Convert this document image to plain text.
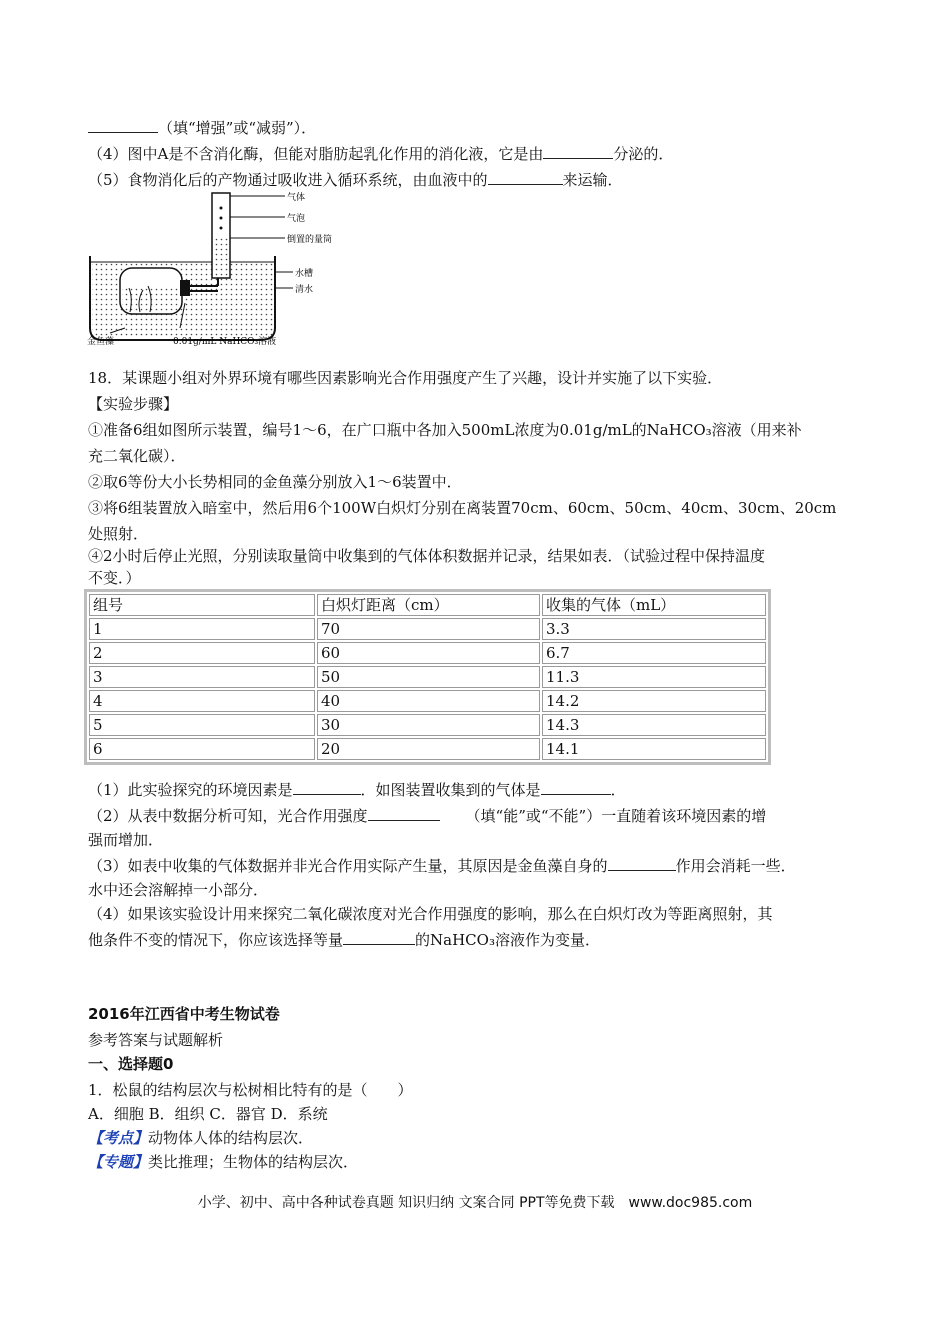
（填“增强”或“减弱”）．
（4）图中A是不含消化酶，但能对脂肪起乳化作用的消化液，它是由	分泌的．
（5）食物消化后的产物通过吸收进入循环系统，由血液中的	来运输．
气体
气泡
倒置的量筒
水槽
清水
金鱼藻	0.01g/mL NaHCO₃溶液
18．某课题小组对外界环境有哪些因素影响光合作用强度产生了兴趣，设计并实施了以下实验．
【实验步骤】
①准备6组如图所示装置，编号1～6，在广口瓶中各加入500mL浓度为0.01g/mL的NaHCO₃溶液（用来补
充二氧化碳）．
②取6等份大小长势相同的金鱼藻分别放入1～6装置中．
③将6组装置放入暗室中，然后用6个100W白炽灯分别在离装置70cm、60cm、50cm、40cm、30cm、20cm
处照射．
④2小时后停止光照，分别读取量筒中收集到的气体体积数据并记录，结果如表．（试验过程中保持温度
不变．）
组号	白炽灯距离（cm）	收集的气体（mL）
1	70	3.3
2	60	6.7
3	50	11.3
4	40	14.2
5	30	14.3
6	20	14.1
（1）此实验探究的环境因素是	．如图装置收集到的气体是	．
（2）从表中数据分析可知，光合作用强度	（填“能”或“不能”）一直随着该环境因素的增
强而增加．
（3）如表中收集的气体数据并非光合作用实际产生量，其原因是金鱼藻自身的	作用会消耗一些．
水中还会溶解掉一小部分．
（4）如果该实验设计用来探究二氧化碳浓度对光合作用强度的影响，那么在白炽灯改为等距离照射，其
他条件不变的情况下，你应该选择等量	的NaHCO₃溶液作为变量．
2016年江西省中考生物试卷
参考答案与试题解析
一、选择题0
1．松鼠的结构层次与松树相比特有的是（　　）
A．细胞 B．组织 C．器官 D．系统
【考点】动物体人体的结构层次．
【专题】类比推理；生物体的结构层次．
小学、初中、高中各种试卷真题 知识归纳 文案合同 PPT等免费下载　www.doc985.com
